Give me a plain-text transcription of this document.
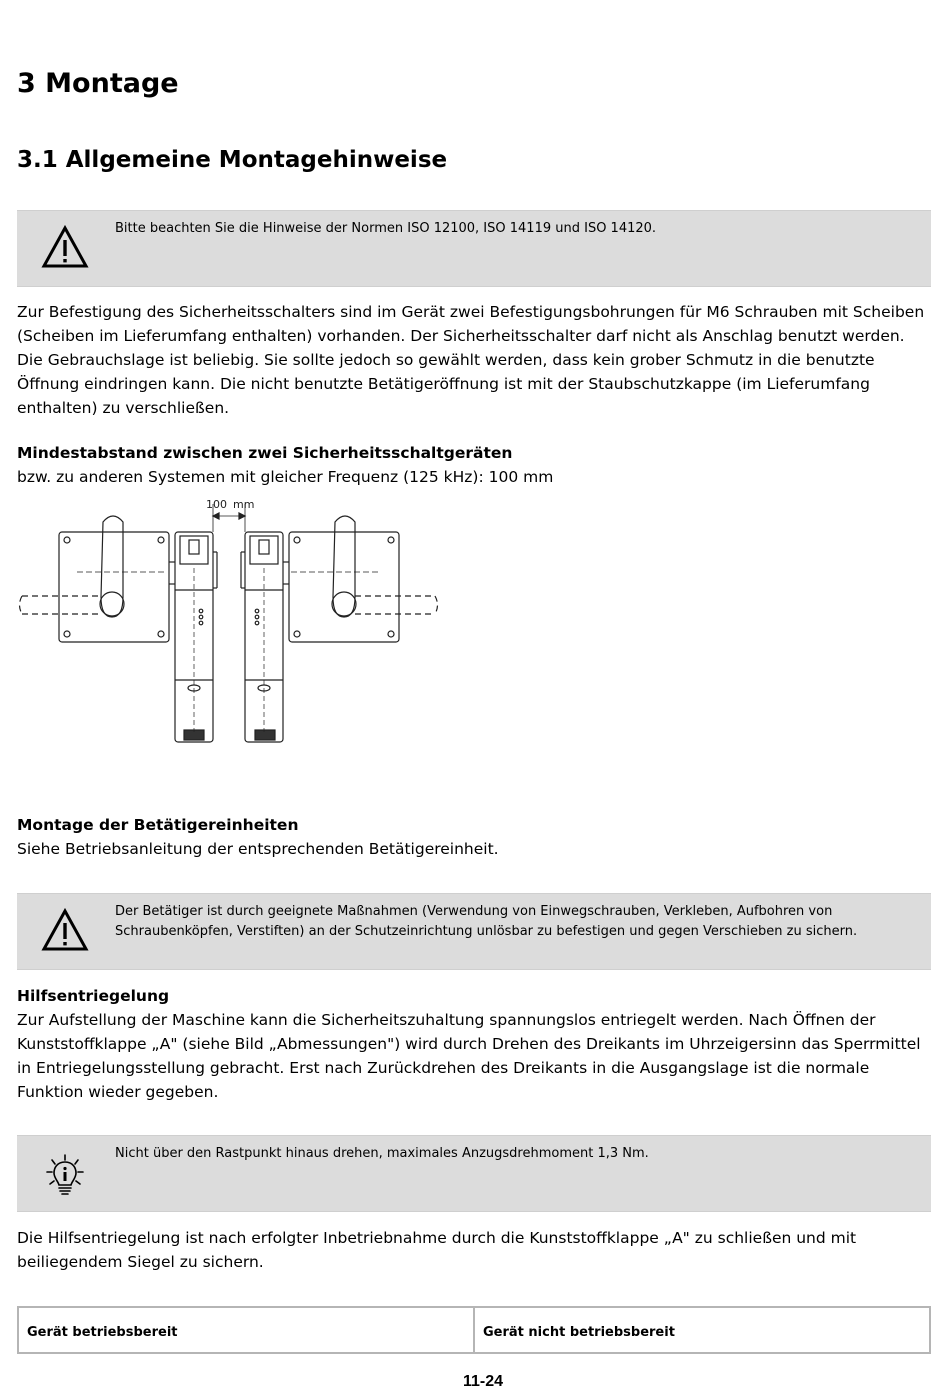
3 Montage
3.1 Allgemeine Montagehinweise
Bitte beachten Sie die Hinweise der Normen ISO 12100, ISO 14119 und ISO 14120.

Zur Befestigung des Sicherheitsschalters sind im Gerät zwei Befestigungsbohrungen für M6 Schrauben mit Scheiben (Scheiben im Lieferumfang enthalten) vorhanden. Der Sicherheitsschalter darf nicht als Anschlag benutzt werden. Die Gebrauchslage ist beliebig. Sie sollte jedoch so gewählt werden, dass kein grober Schmutz in die benutzte Öffnung eindringen kann. Die nicht benutzte Betätigeröffnung ist mit der Staubschutzkappe (im Lieferumfang enthalten) zu verschließen.

Mindestabstand zwischen zwei Sicherheitsschaltgeräten
bzw. zu anderen Systemen mit gleicher Frequenz (125 kHz): 100 mm
100 mm
Montage der Betätigereinheiten
Siehe Betriebsanleitung der entsprechenden Betätigereinheit.
Der Betätiger ist durch geeignete Maßnahmen (Verwendung von Einwegschrauben, Verkleben, Aufbohren von Schraubenköpfen, Verstiften) an der Schutzeinrichtung unlösbar zu befestigen und gegen Verschieben zu sichern.
Hilfsentriegelung

Zur Aufstellung der Maschine kann die Sicherheitszuhaltung spannungslos entriegelt werden. Nach Öffnen der Kunststoffklappe „A" (siehe Bild „Abmessungen") wird durch Drehen des Dreikants im Uhrzeigersinn das Sperrmittel in Entriegelungsstellung gebracht. Erst nach Zurückdrehen des Dreikants in die Ausgangslage ist die normale Funktion wieder gegeben.

Nicht über den Rastpunkt hinaus drehen, maximales Anzugsdrehmoment 1,3 Nm.

Die Hilfsentriegelung ist nach erfolgter Inbetriebnahme durch die Kunststoffklappe „A" zu schließen und mit beiliegendem Siegel zu sichern.

Gerät betriebsbereit	Gerät nicht betriebsbereit
11-24
